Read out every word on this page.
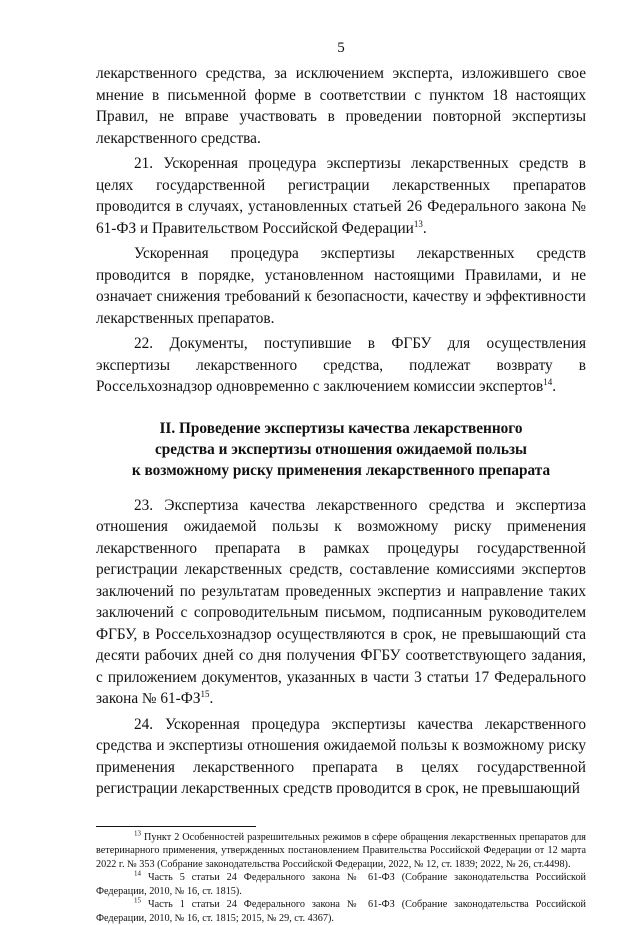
5

лекарственного средства, за исключением эксперта, изложившего свое мнение в письменной форме в соответствии с пунктом 18 настоящих Правил, не вправе участвовать в проведении повторной экспертизы лекарственного средства.

21. Ускоренная процедура экспертизы лекарственных средств в целях государственной регистрации лекарственных препаратов проводится в случаях, установленных статьей 26 Федерального закона № 61-ФЗ и Правительством Российской Федерации$^{13}$.

Ускоренная процедура экспертизы лекарственных средств проводится в порядке, установленном настоящими Правилами, и не означает снижения требований к безопасности, качеству и эффективности лекарственных препаратов.

22. Документы, поступившие в ФГБУ для осуществления экспертизы лекарственного средства, подлежат возврату в Россельхознадзор одновременно с заключением комиссии экспертов$^{14}$.

II. Проведение экспертизы качества лекарственного
средства и экспертизы отношения ожидаемой пользы
к возможному риску применения лекарственного препарата

23. Экспертиза качества лекарственного средства и экспертиза отношения ожидаемой пользы к возможному риску применения лекарственного препарата в рамках процедуры государственной регистрации лекарственных средств, составление комиссиями экспертов заключений по результатам проведенных экспертиз и направление таких заключений с сопроводительным письмом, подписанным руководителем ФГБУ, в Россельхознадзор осуществляются в срок, не превышающий ста десяти рабочих дней со дня получения ФГБУ соответствующего задания, с приложением документов, указанных в части 3 статьи 17 Федерального закона № 61-ФЗ$^{15}$.

24. Ускоренная процедура экспертизы качества лекарственного средства и экспертизы отношения ожидаемой пользы к возможному риску применения лекарственного препарата в целях государственной регистрации лекарственных средств проводится в срок, не превышающий

$^{13}$ Пункт 2 Особенностей разрешительных режимов в сфере обращения лекарственных препаратов для ветеринарного применения, утвержденных постановлением Правительства Российской Федерации от 12 марта 2022 г. № 353 (Собрание законодательства Российской Федерации, 2022, № 12, ст. 1839; 2022, № 26, ст.4498).

$^{14}$ Часть 5 статьи 24 Федерального закона № 61-ФЗ (Собрание законодательства Российской Федерации, 2010, № 16, ст. 1815).

$^{15}$ Часть 1 статьи 24 Федерального закона № 61-ФЗ (Собрание законодательства Российской Федерации, 2010, № 16, ст. 1815; 2015, № 29, ст. 4367).
